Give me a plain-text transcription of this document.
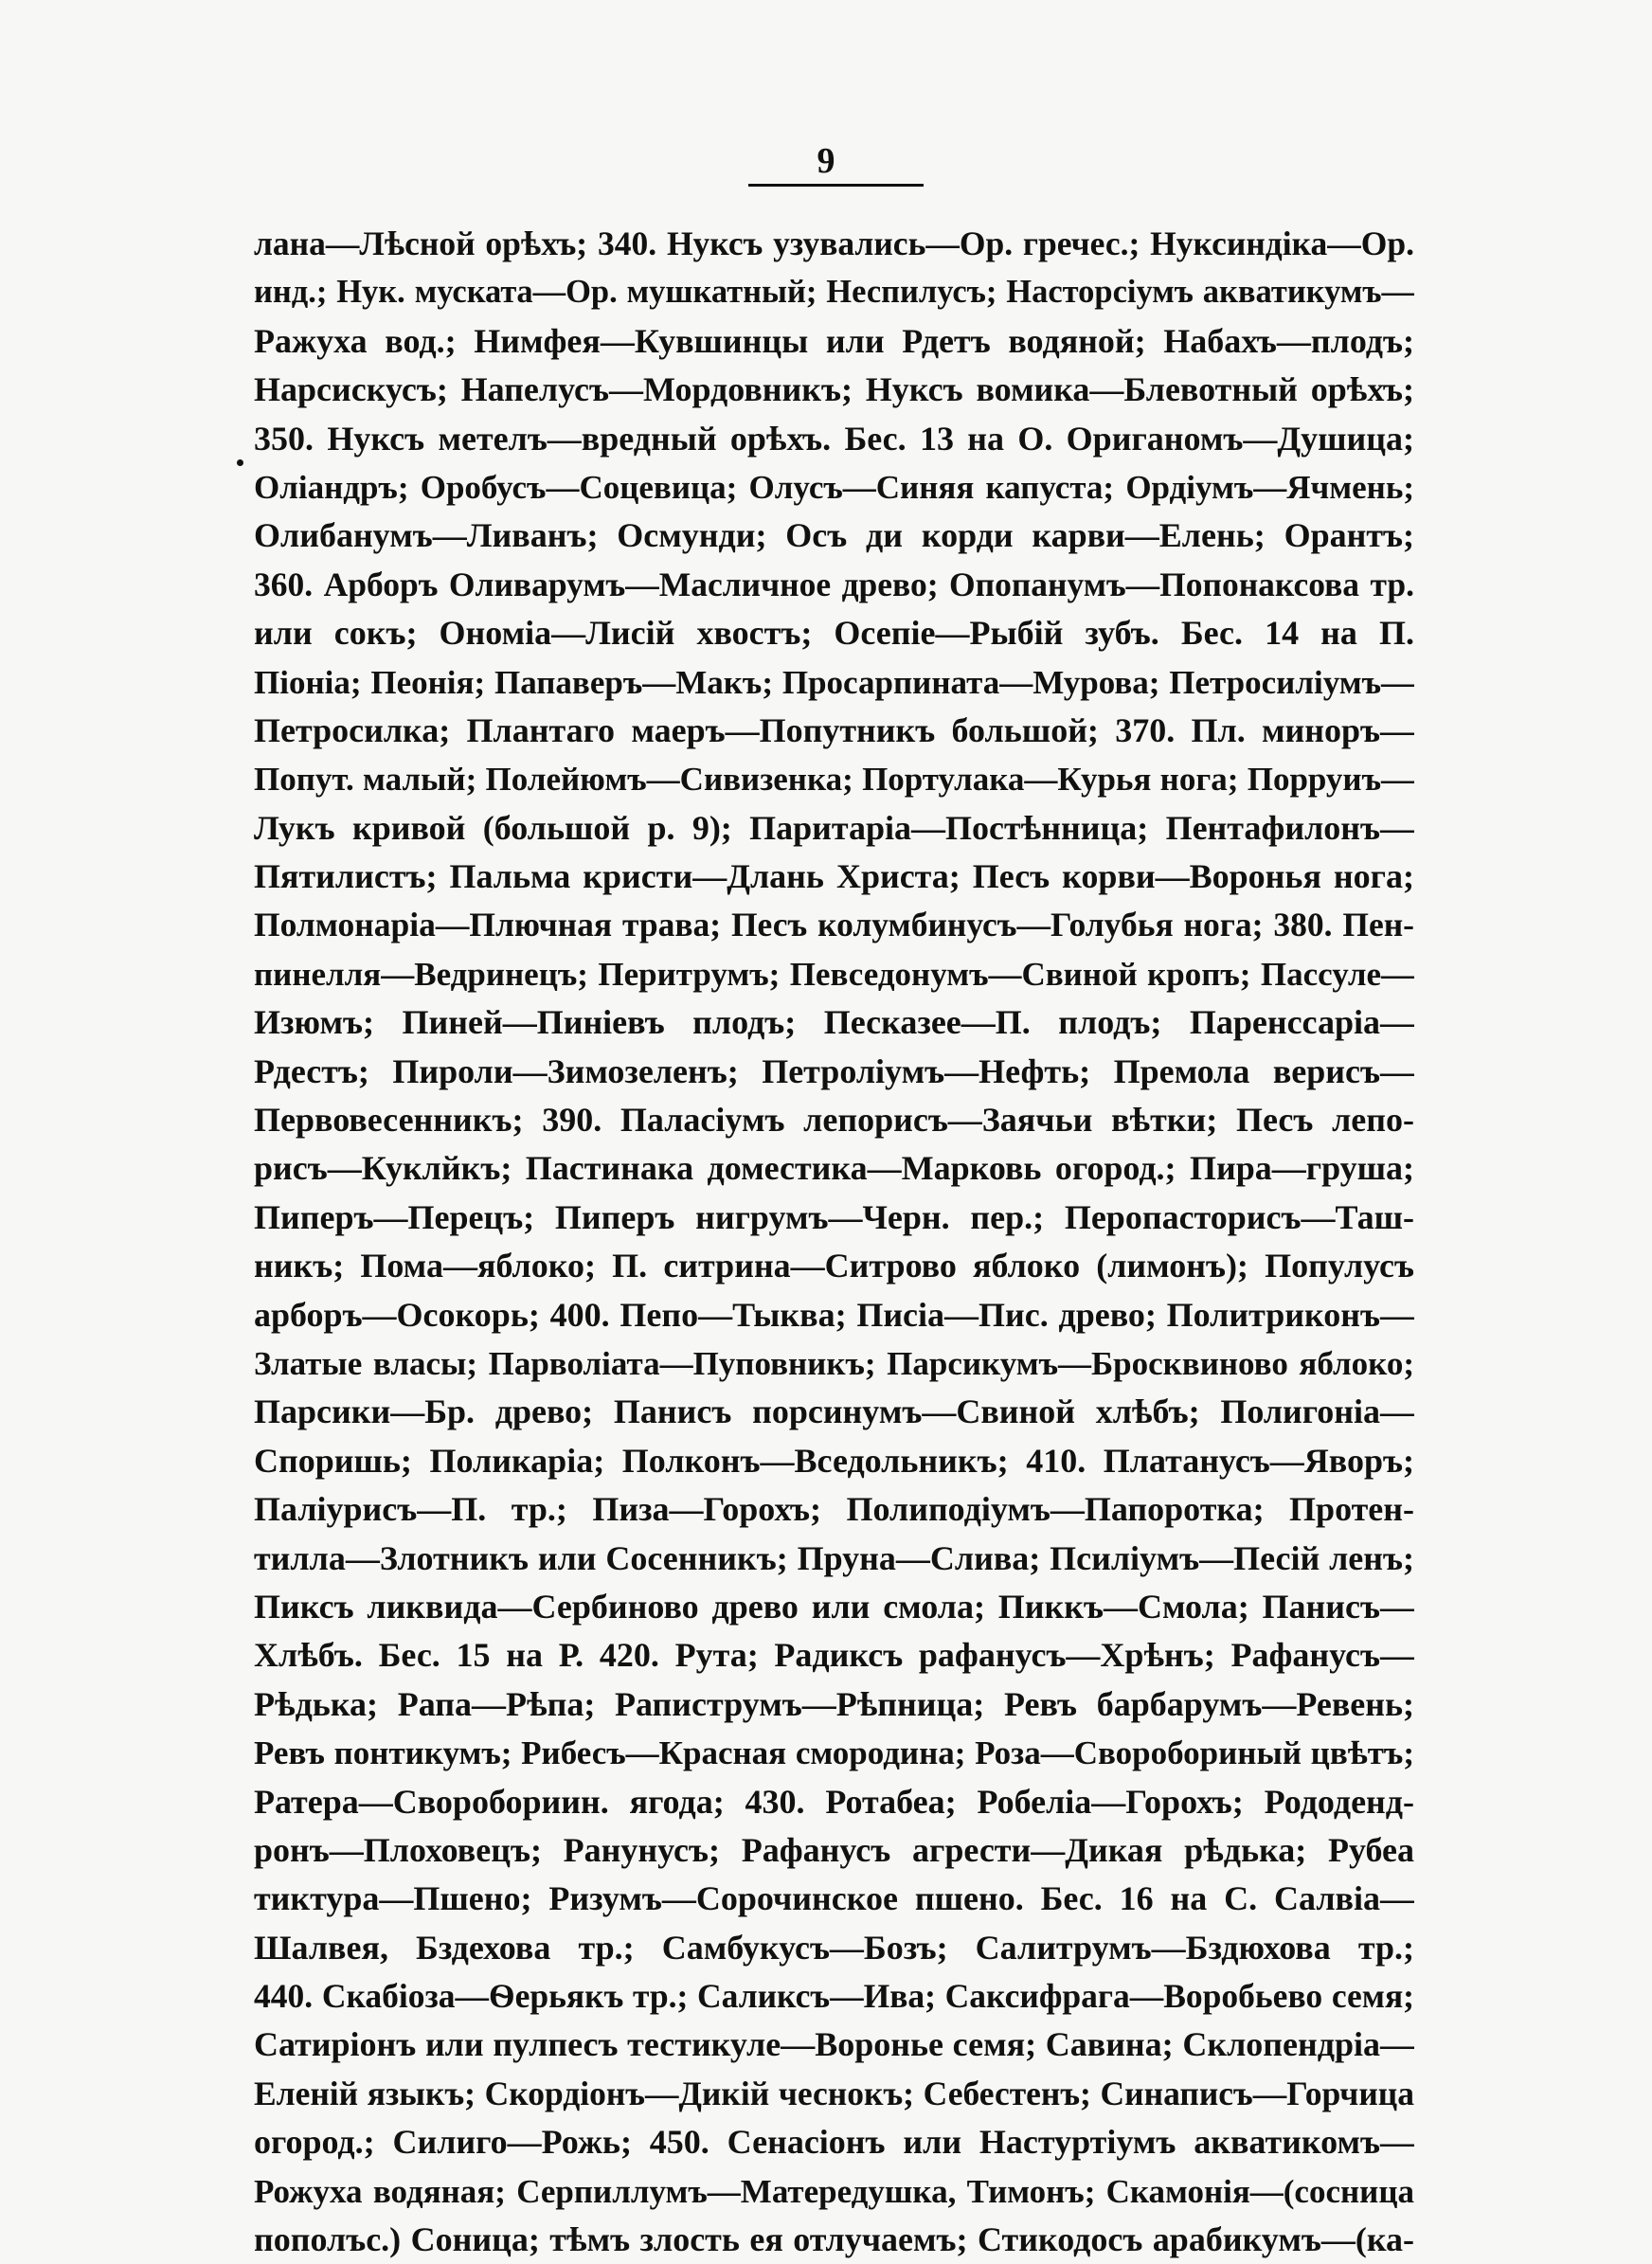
9
лана—Лѣсной орѣхъ; 340. Нуксъ узувались—Ор. гречес.; Нуксиндіка—Ор.
инд.; Нук. мускатa—Ор. мушкатный; Неспилусъ; Насторсіумъ акватикумъ—
Ражуха вод.; Нимфея—Кувшинцы или Рдетъ водяной; Набахъ—плодъ;
Нарсискусъ; Напелусъ—Мордовникъ; Нуксъ вомика—Блевотный орѣхъ;
350. Нуксъ метелъ—вредный орѣхъ. Бес. 13 на О. Ориганомъ—Душица;
Оліандръ; Оробусъ—Соцевица; Олусъ—Синяя капуста; Ордіумъ—Ячмень;
Олибанумъ—Ливанъ; Осмунди; Осъ ди корди карви—Елень; Орантъ;
360. Арборъ Оливарумъ—Масличное древо; Опопанумъ—Попонаксова тр.
или сокъ; Ономіа—Лисій хвостъ; Осепіе—Рыбій зубъ. Бес. 14 на П.
Піоніа; Пеонія; Папаверъ—Макъ; Просарпината—Мурова; Петросиліумъ—
Петросилка; Плантаго маеръ—Попутникъ большой; 370. Пл. миноръ—
Попут. малый; Полейюмъ—Сивизенка; Портулака—Курья нога; Порруиъ—
Лукъ кривой (большой р. 9); Паритаріа—Постѣнница; Пентафилонъ—
Пятилистъ; Пальма кристи—Длань Христа; Песъ корви—Воронья нога;
Полмонаріа—Плючная трава; Песъ колумбинусъ—Голубья нога; 380. Пен-
пинелля—Ведринецъ; Перитрумъ; Певседонумъ—Свиной кропъ; Пассуле—
Изюмъ; Пиней—Пиніевъ плодъ; Песказее—П. плодъ; Паренссаріа—
Рдестъ; Пироли—Зимозеленъ; Петроліумъ—Нефть; Премола верисъ—
Первовесенникъ; 390. Паласіумъ лепорисъ—Заячьи вѣтки; Песъ лепо-
рисъ—Куклйкъ; Пастинака доместика—Марковь огород.; Пира—груша;
Пиперъ—Перецъ; Пиперъ нигрумъ—Черн. пер.; Перопасторисъ—Таш-
никъ; Пома—яблоко; П. ситрина—Ситрово яблоко (лимонъ); Популусъ
арборъ—Осокорь; 400. Пепо—Тыква; Писіа—Пис. древо; Политриконъ—
Златые власы; Парволіата—Пуповникъ; Парсикумъ—Бросквиново яблоко;
Парсики—Бр. древо; Панисъ порсинумъ—Свиной хлѣбъ; Полигоніа—
Споришь; Поликаріа; Полконъ—Вседольникъ; 410. Платанусъ—Яворъ;
Паліурисъ—П. тр.; Пиза—Горохъ; Полиподіумъ—Папоротка; Протен-
тилла—Злотникъ или Сосенникъ; Пруна—Слива; Псиліумъ—Песій ленъ;
Пиксъ ликвида—Сербиново древо или смола; Пиккъ—Смола; Панисъ—
Хлѣбъ. Бес. 15 на Р. 420. Рута; Радиксъ рафанусъ—Хрѣнъ; Рафанусъ—
Рѣдька; Рапа—Рѣпа; Рапиструмъ—Рѣпница; Ревъ барбарумъ—Ревень;
Ревъ понтикумъ; Рибесъ—Красная смородина; Роза—Своробориный цвѣтъ;
Ратера—Своробориин. ягода; 430. Ротабеа; Робеліа—Горохъ; Рододенд-
ронъ—Плоховецъ; Ранунусъ; Рафанусъ агрести—Дикая рѣдька; Рубеа
тиктура—Пшено; Ризумъ—Сорочинское пшено. Бес. 16 на С. Салвіа—
Шалвея, Бздехова тр.; Самбукусъ—Бозъ; Салитрумъ—Бздюхова тр.;
440. Скабіоза—Ѳерьякъ тр.; Саликсъ—Ива; Саксифрага—Воробьево семя;
Сатиріонъ или пулпесъ тестикуле—Воронье семя; Савина; Склопендріа—
Еленій языкъ; Скордіонъ—Дикій чеснокъ; Себестенъ; Синаписъ—Горчица
огород.; Силиго—Рожь; 450. Сенасіонъ или Настуртіумъ акватикомъ—
Рожуха водяная; Серпиллумъ—Матередушка, Тимонъ; Скамонія—(сосница
пополъс.) Соница; тѣмъ злость ея отлучаемъ; Стикодосъ арабикумъ—(ка-
